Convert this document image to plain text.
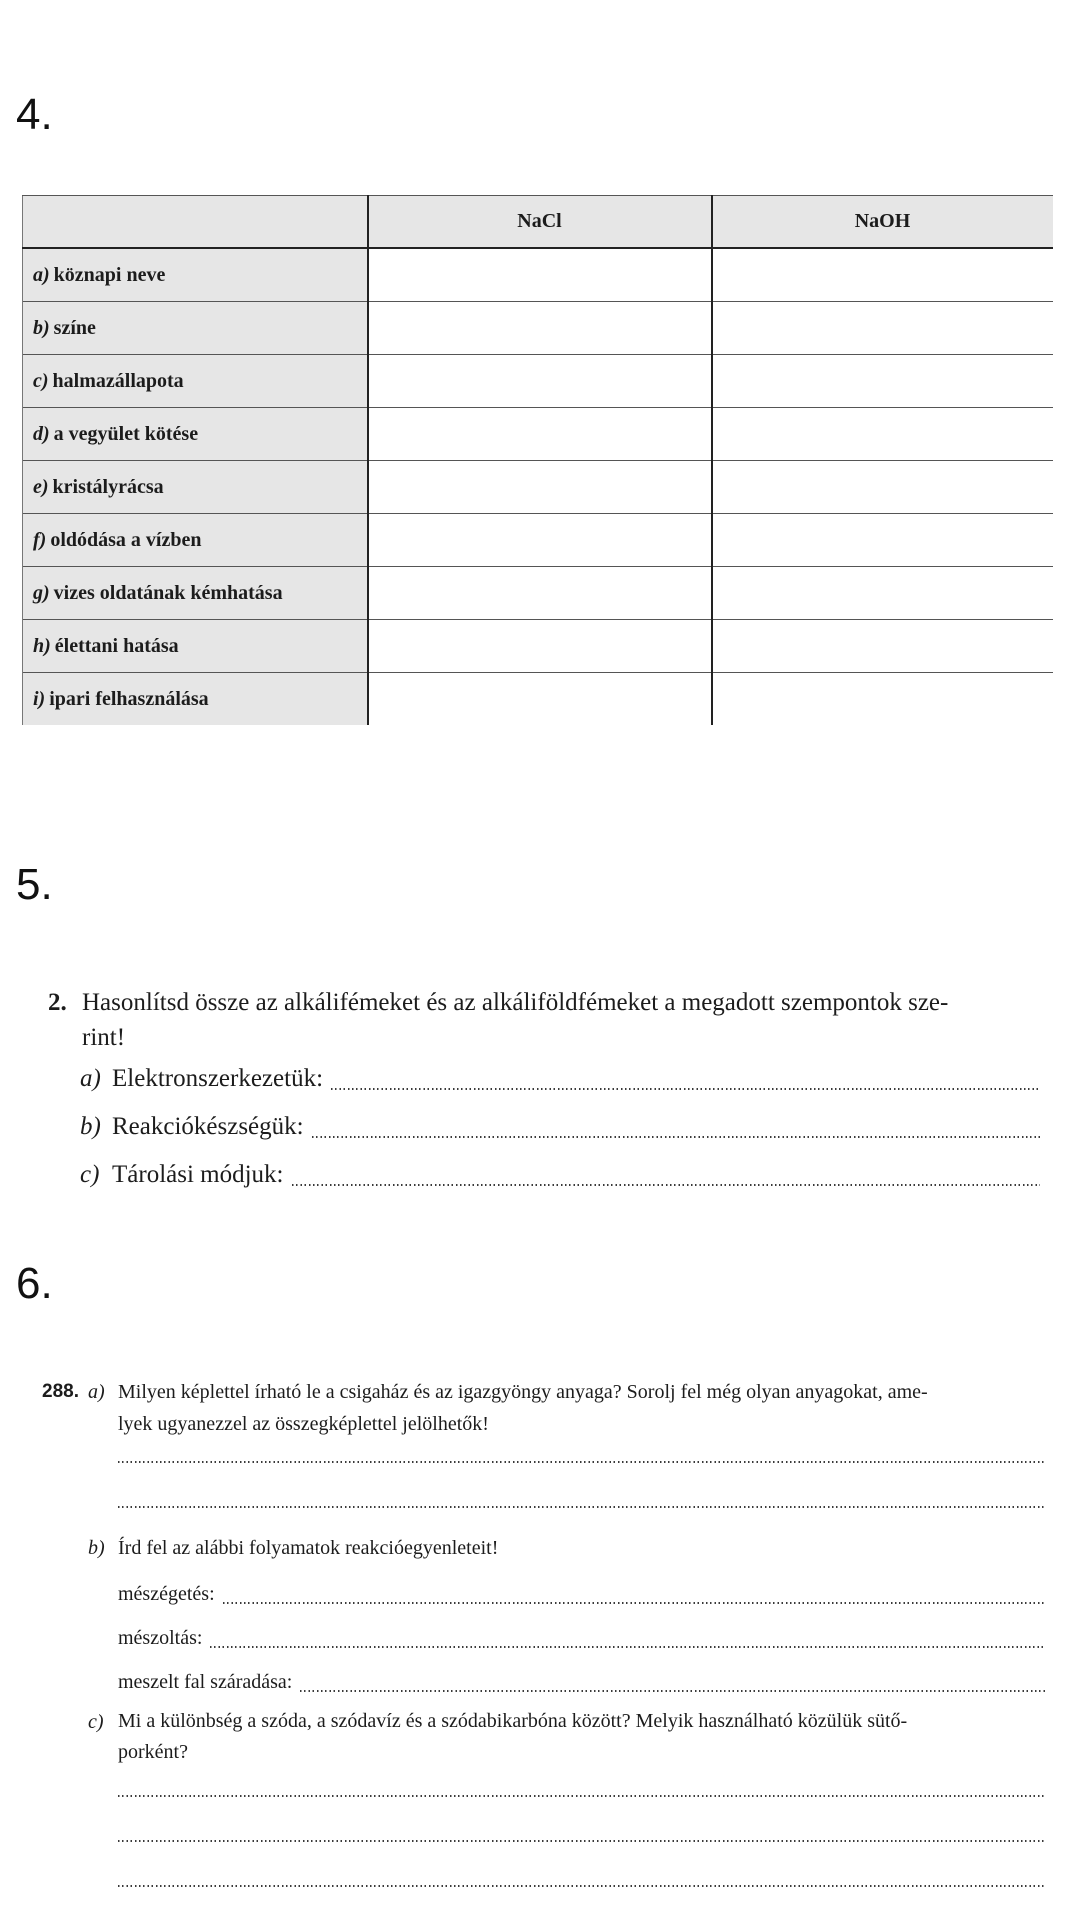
4.
	NaCl	NaOH
a) köznapi neve		
b) színe		
c) halmazállapota		
d) a vegyület kötése		
e) kristályrácsa		
f) oldódása a vízben		
g) vizes oldatának kémhatása		
h) élettani hatása		
i) ipari felhasználása		
5.
2. Hasonlítsd össze az alkálifémeket és az alkáliföldfémeket a megadott szempontok sze-
rint!
a) Elektronszerkezetük:
b) Reakciókészségük:
c) Tárolási módjuk:
6.
288. a) Milyen képlettel írható le a csigaház és az igazgyöngy anyaga? Sorolj fel még olyan anyagokat, ame-
lyek ugyanezzel az összegképlettel jelölhetők!
b) Írd fel az alábbi folyamatok reakcióegyenleteit!
mészégetés:
mészoltás:
meszelt fal száradása:
c) Mi a különbség a szóda, a szódavíz és a szódabikarbóna között? Melyik használható közülük sütő-
porként?
